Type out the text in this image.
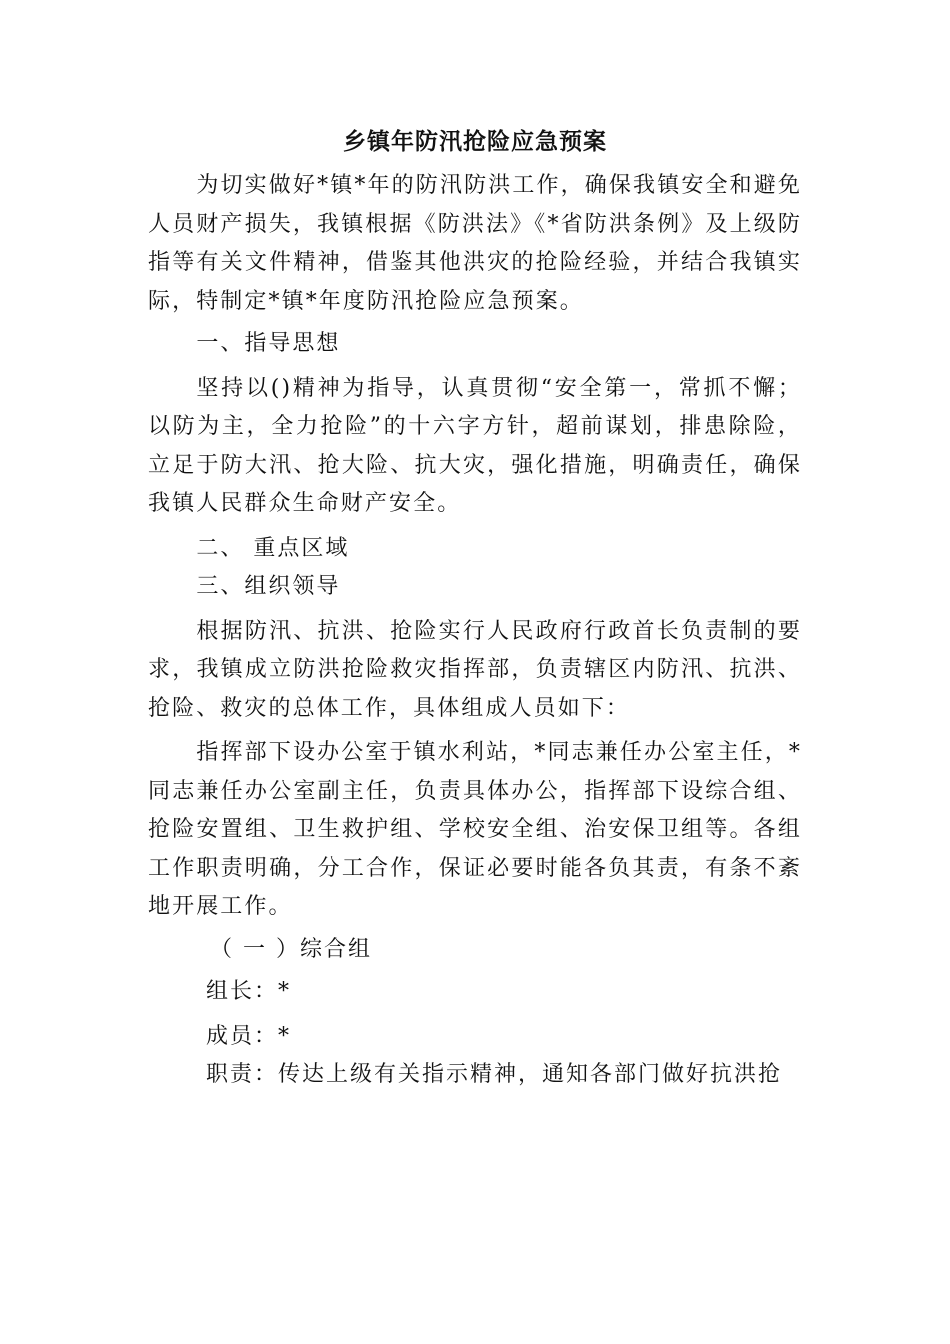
乡镇年防汛抢险应急预案

为切实做好*镇*年的防汛防洪工作，确保我镇安全和避免人员财产损失，我镇根据《防洪法》《*省防洪条例》及上级防指等有关文件精神，借鉴其他洪灾的抢险经验，并结合我镇实际，特制定*镇*年度防汛抢险应急预案。

一、指导思想

坚持以()精神为指导，认真贯彻“安全第一，常抓不懈；以防为主，全力抢险”的十六字方针，超前谋划，排患除险，立足于防大汛、抢大险、抗大灾，强化措施，明确责任，确保我镇人民群众生命财产安全。

二、 重点区域

三、组织领导

根据防汛、抗洪、抢险实行人民政府行政首长负责制的要求，我镇成立防洪抢险救灾指挥部，负责辖区内防汛、抗洪、抢险、救灾的总体工作，具体组成人员如下：

指挥部下设办公室于镇水利站，*同志兼任办公室主任，*同志兼任办公室副主任，负责具体办公，指挥部下设综合组、抢险安置组、卫生救护组、学校安全组、治安保卫组等。各组工作职责明确，分工合作，保证必要时能各负其责，有条不紊地开展工作。

（ 一 ）综合组

组长：*

成员：*

职责：传达上级有关指示精神，通知各部门做好抗洪抢
